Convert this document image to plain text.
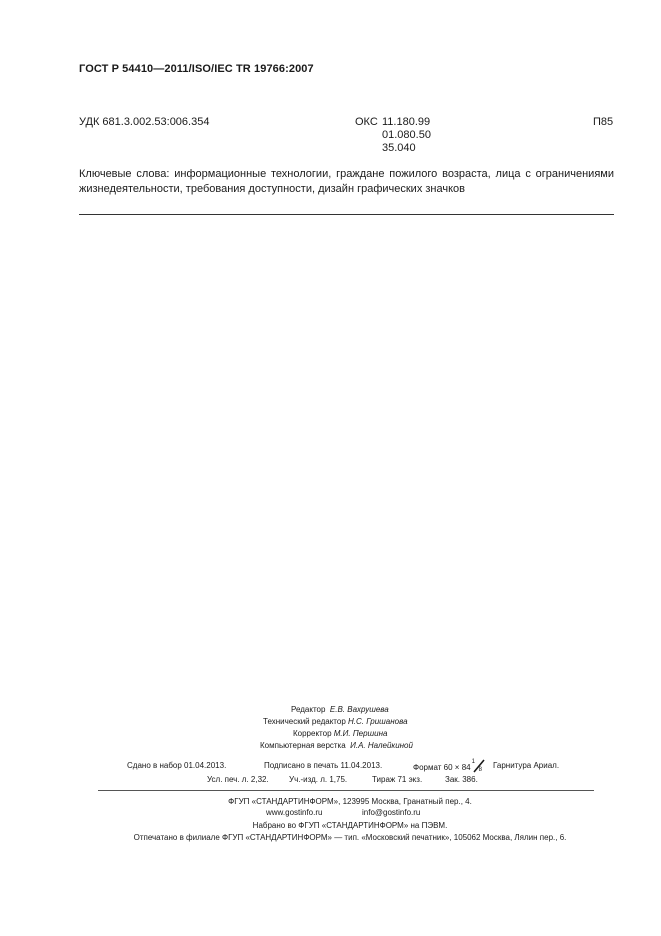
ГОСТ Р 54410—2011/ISO/IEC TR 19766:2007
УДК 681.3.002.53:006.354	ОКС 11.180.99
01.080.50
35.040
П85
Ключевые слова: информационные технологии, граждане пожилого возраста, лица с ограничениями жизнедеятельности, требования доступности, дизайн графических значков
Редактор Е.В. Вахрушева
Технический редактор Н.С. Гришанова
Корректор М.И. Першина
Компьютерная верстка И.А. Налейкиной
Сдано в набор 01.04.2013.	Подписано в печать 11.04.2013.	Формат 60 × 84
1
8 Гарнитура Ариал.
Усл. печ. л. 2,32.	Уч.-изд. л. 1,75.	Тираж 71 экз.	Зак. 386.
ФГУП «СТАНДАРТИНФОРМ», 123995 Москва, Гранатный пер., 4.
www.gostinfo.ru	info@gostinfo.ru
Набрано во ФГУП «СТАНДАРТИНФОРМ» на ПЭВМ.
Отпечатано в филиале ФГУП «СТАНДАРТИНФОРМ» — тип. «Московский печатник», 105062 Москва, Лялин пер., 6.
